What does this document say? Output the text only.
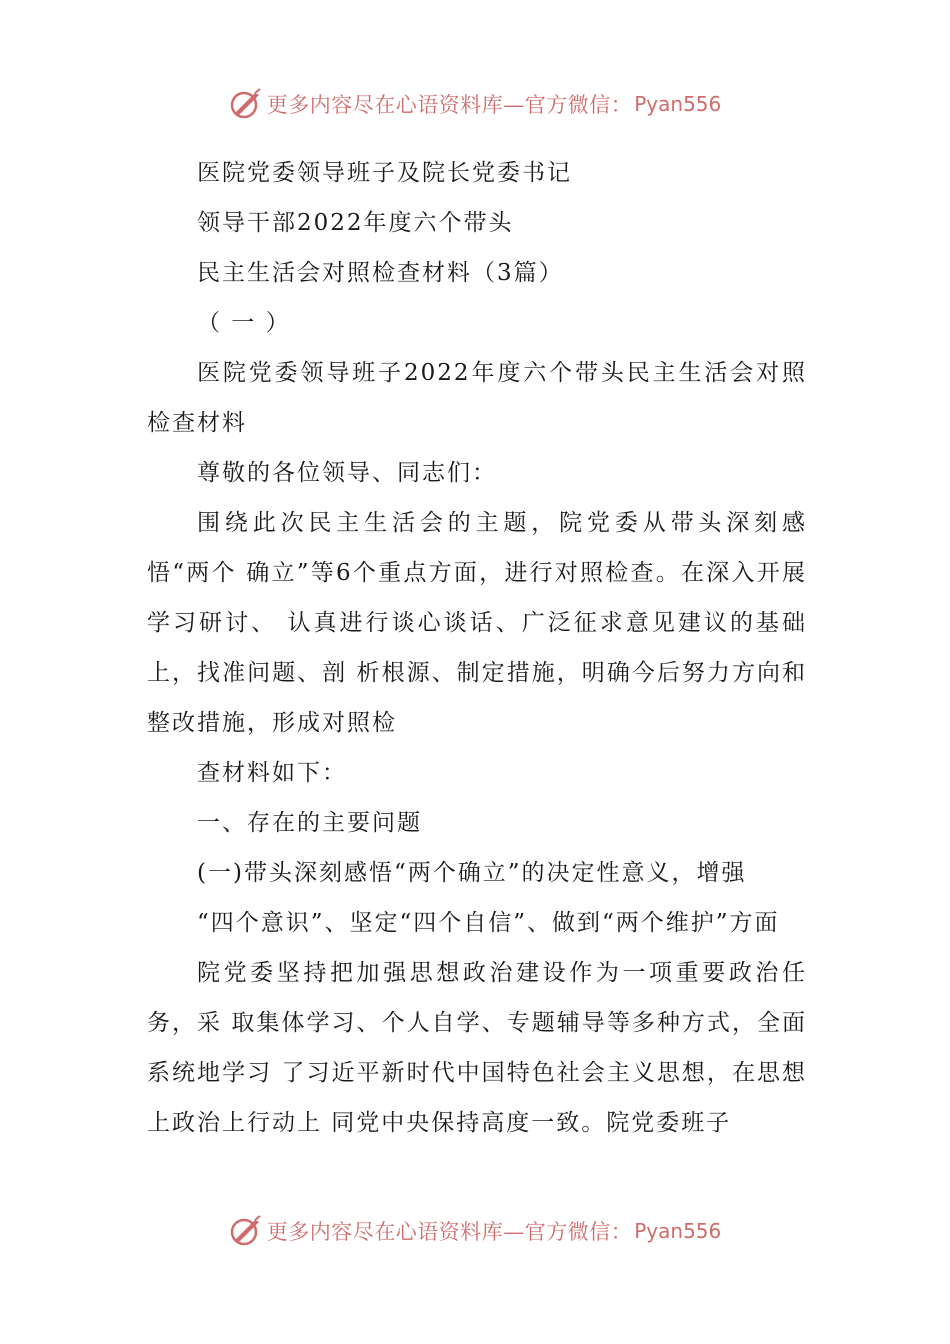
更多内容尽在心语资料库—官方微信： Pyan556

医院党委领导班子及院长党委书记

领导干部2022年度六个带头

民主生活会对照检查材料（3篇）

（ 一 ）

医院党委领导班子2022年度六个带头民主生活会对照检查材料

尊敬的各位领导、同志们：

围绕此次民主生活会的主题，院党委从带头深刻感悟“两个 确立”等6个重点方面，进行对照检查。在深入开展学习研讨、 认真进行谈心谈话、广泛征求意见建议的基础上，找准问题、剖 析根源、制定措施，明确今后努力方向和整改措施，形成对照检

查材料如下：

一、存在的主要问题

(一)带头深刻感悟“两个确立”的决定性意义，增强

“四个意识”、坚定“四个自信”、做到“两个维护”方面

院党委坚持把加强思想政治建设作为一项重要政治任务，采 取集体学习、个人自学、专题辅导等多种方式，全面系统地学习 了习近平新时代中国特色社会主义思想，在思想上政治上行动上 同党中央保持高度一致。院党委班子

更多内容尽在心语资料库—官方微信： Pyan556
